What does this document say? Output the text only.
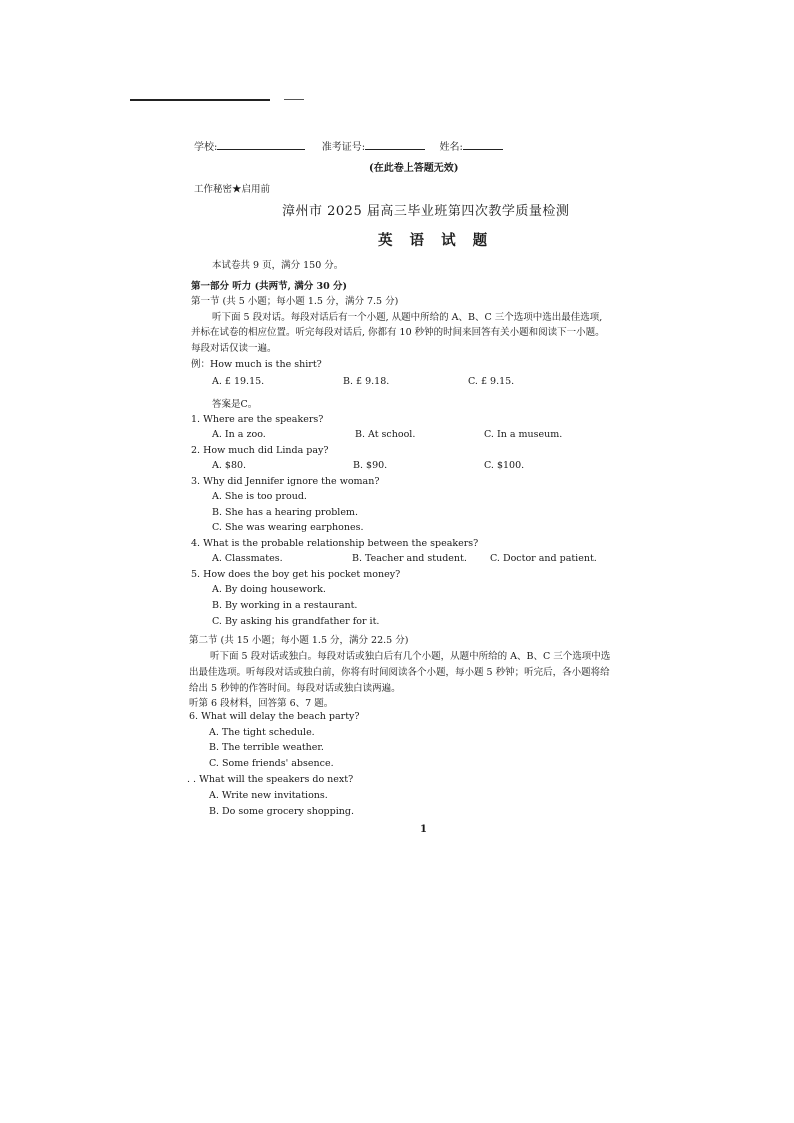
学校:	准考证号:	姓名:
(在此卷上答题无效)
工作秘密★启用前
漳州市 2025 届高三毕业班第四次教学质量检测
英 语 试 题
本试卷共 9 页，满分 150 分。
第一部分 听力 (共两节, 满分 30 分)
第一节 (共 5 小题；每小题 1.5 分，满分 7.5 分)
听下面 5 段对话。每段对话后有一个小题, 从题中所给的 A、B、C 三个选项中选出最佳选项,
并标在试卷的相应位置。听完每段对话后, 你都有 10 秒钟的时间来回答有关小题和阅读下一小题。
每段对话仅读一遍。
例：How much is the shirt?
A. £ 19.15.	B. £ 9.18.	C. £ 9.15.
答案是C。
1. Where are the speakers?
A. In a zoo.	B. At school.	C. In a museum.
2. How much did Linda pay?
A. $80.	B. $90.	C. $100.
3. Why did Jennifer ignore the woman?
A. She is too proud.
B. She has a hearing problem.
C. She was wearing earphones.
4. What is the probable relationship between the speakers?
A. Classmates.	B. Teacher and student. C. Doctor and patient.
5. How does the boy get his pocket money?
A. By doing housework.
B. By working in a restaurant.
C. By asking his grandfather for it.
第二节 (共 15 小题；每小题 1.5 分，满分 22.5 分)
听下面 5 段对话或独白。每段对话或独白后有几个小题，从题中所给的 A、B、C 三个选项中选
出最佳选项。听每段对话或独白前，你将有时间阅读各个小题，每小题 5 秒钟；听完后，各小题将给
给出 5 秒钟的作答时间。每段对话或独白读两遍。
听第 6 段材料，回答第 6、7 题。
6. What will delay the beach party?
A. The tight schedule.
B. The terrible weather.
C. Some friends' absence.
. . What will the speakers do next?
A. Write new invitations.
B. Do some grocery shopping.
1
